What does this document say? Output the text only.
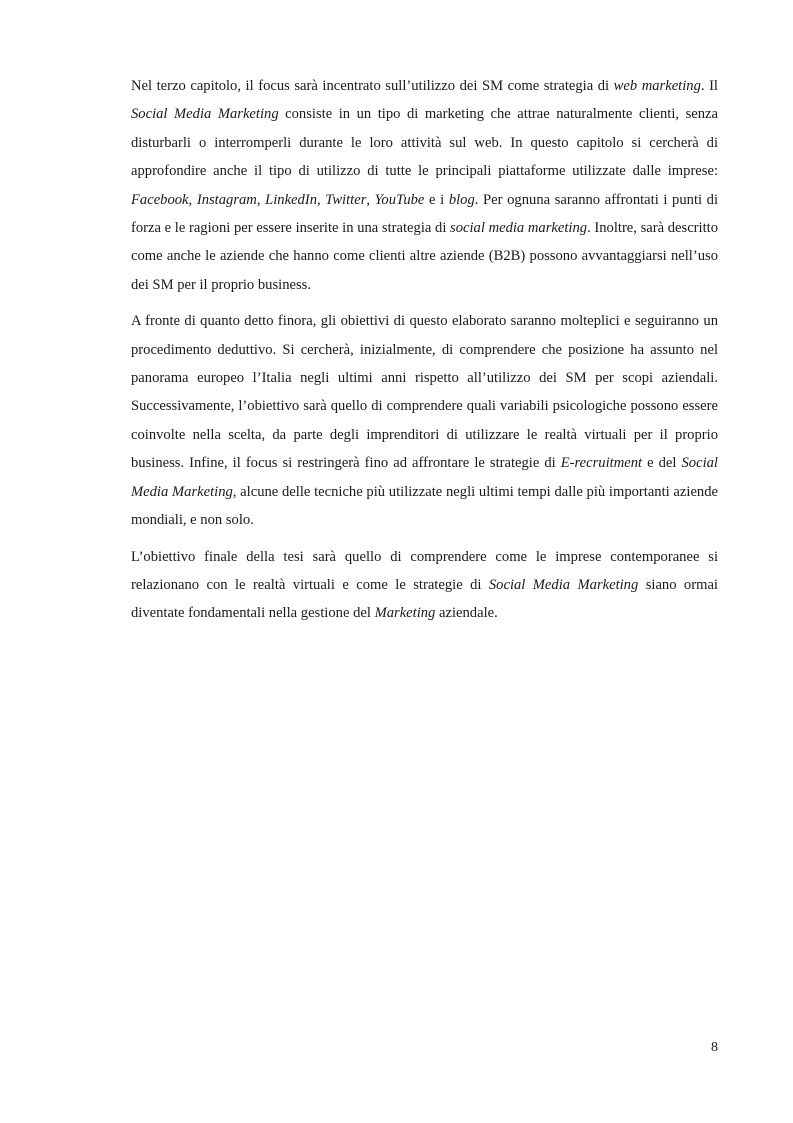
Nel terzo capitolo, il focus sarà incentrato sull’utilizzo dei SM come strategia di web marketing. Il Social Media Marketing consiste in un tipo di marketing che attrae naturalmente clienti, senza disturbarli o interromperli durante le loro attività sul web. In questo capitolo si cercherà di approfondire anche il tipo di utilizzo di tutte le principali piattaforme utilizzate dalle imprese: Facebook, Instagram, LinkedIn, Twitter, YouTube e i blog. Per ognuna saranno affrontati i punti di forza e le ragioni per essere inserite in una strategia di social media marketing. Inoltre, sarà descritto come anche le aziende che hanno come clienti altre aziende (B2B) possono avvantaggiarsi nell’uso dei SM per il proprio business.

A fronte di quanto detto finora, gli obiettivi di questo elaborato saranno molteplici e seguiranno un procedimento deduttivo. Si cercherà, inizialmente, di comprendere che posizione ha assunto nel panorama europeo l’Italia negli ultimi anni rispetto all’utilizzo dei SM per scopi aziendali. Successivamente, l’obiettivo sarà quello di comprendere quali variabili psicologiche possono essere coinvolte nella scelta, da parte degli imprenditori di utilizzare le realtà virtuali per il proprio business. Infine, il focus si restringerà fino ad affrontare le strategie di E-recruitment e del Social Media Marketing, alcune delle tecniche più utilizzate negli ultimi tempi dalle più importanti aziende mondiali, e non solo.

L’obiettivo finale della tesi sarà quello di comprendere come le imprese contemporanee si relazionano con le realtà virtuali e come le strategie di Social Media Marketing siano ormai diventate fondamentali nella gestione del Marketing aziendale.

8
